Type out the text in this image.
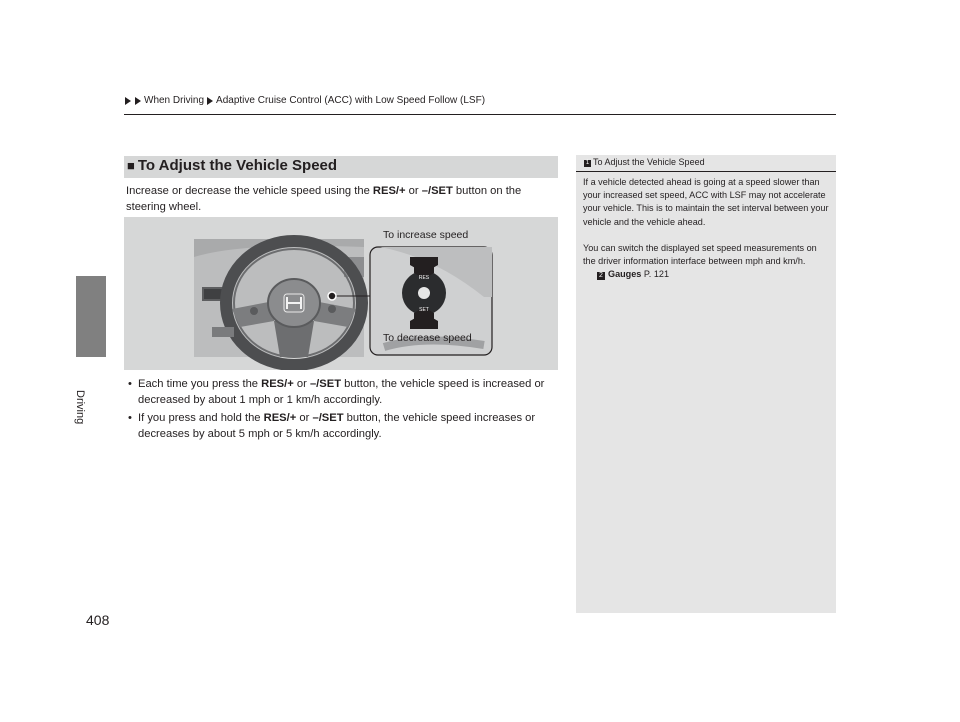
When Driving Adaptive Cruise Control (ACC) with Low Speed Follow (LSF)
Driving
408
■ To Adjust the Vehicle Speed
Increase or decrease the vehicle speed using the RES/+ or –/SET button on the steering wheel.
RES
SET
To increase speed
To decrease speed
• Each time you press the RES/+ or –/SET button, the vehicle speed is increased or decreased by about 1 mph or 1 km/h accordingly.
• If you press and hold the RES/+ or –/SET button, the vehicle speed increases or decreases by about 5 mph or 5 km/h accordingly.
1 To Adjust the Vehicle Speed

If a vehicle detected ahead is going at a speed slower than your increased set speed, ACC with LSF may not accelerate your vehicle. This is to maintain the set interval between your vehicle and the vehicle ahead.

You can switch the displayed set speed measurements on the driver information interface between mph and km/h.

2 Gauges P. 121
